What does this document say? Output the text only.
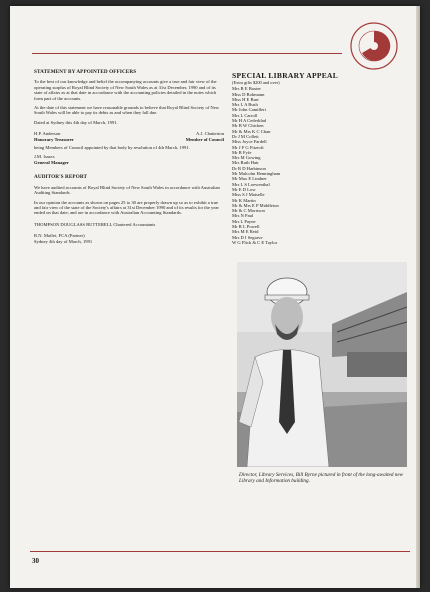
STATEMENT BY APPOINTED OFFICERS
To the best of our knowledge and belief the accompanying accounts give a true and fair view of the operating surplus of Royal Blind Society of New South Wales as at 31st December, 1990 and of its state of affairs as at that date in accordance with the accounting policies detailed in the notes which form part of the accounts.
At the date of this statement we have reasonable grounds to believe that Royal Blind Society of New South Wales will be able to pay its debts as and when they fall due.
Dated at Sydney this 4th day of March, 1991.
H.P. Anderson
Honorary Treasurer
A.J. Chatterton
Member of Council
being Members of Council appointed by that body by resolution of 4th March, 1991.
J.M. Isaacs
General Manager
AUDITOR'S REPORT
We have audited accounts of Royal Blind Society of New South Wales in accordance with Australian Auditing Standards.
In our opinion the accounts as shown on pages 25 to 30 are properly drawn up so as to exhibit a true and fair view of the state of the Society's affairs at 31st December 1990 and of its results for the year ended on that date; and are in accordance with Australian Accounting Standards.
THOMPSON DOUGLASS BUTTERELL Chartered Accountants
R.N. Maffei, FCA (Partner)
Sydney 4th day of March, 1991
SPECIAL LIBRARY APPEAL
(Extra gifts $200 and over)
Mrs B E Baxter
Miss D Bohmann
Miss H E Burt
Mrs L A Bush
Mr John Camilleri
Mrs L Carroll
Mr H A Cederblad
Mr B W Chicken
Mr & Mrs K C Chan
Dr J M Collett
Miss Joyce Fardell
Mr J F G Fitzroft
Mr R Fyfe
Mrs M Gowing
Mrs Ruth Hair
Dr R D Harbinson
Mr Malcolm Henningham
Mr Max E Lindner
Mrs L S Loewenthal
Mr E D Low
Miss S J Maiselle
Mr K Martin
Mr & Mrs E P Middleton
Mr & C Morrison
Mrs N Paul
Mrs L Payne
Mr R L Powell
Mrs M E Reid
Mrs D I Segrave
W G Flick & C E Taylor
Director, Library Services, Bill Byrne pictured in front of the long-awaited new Library and Information building.
30
